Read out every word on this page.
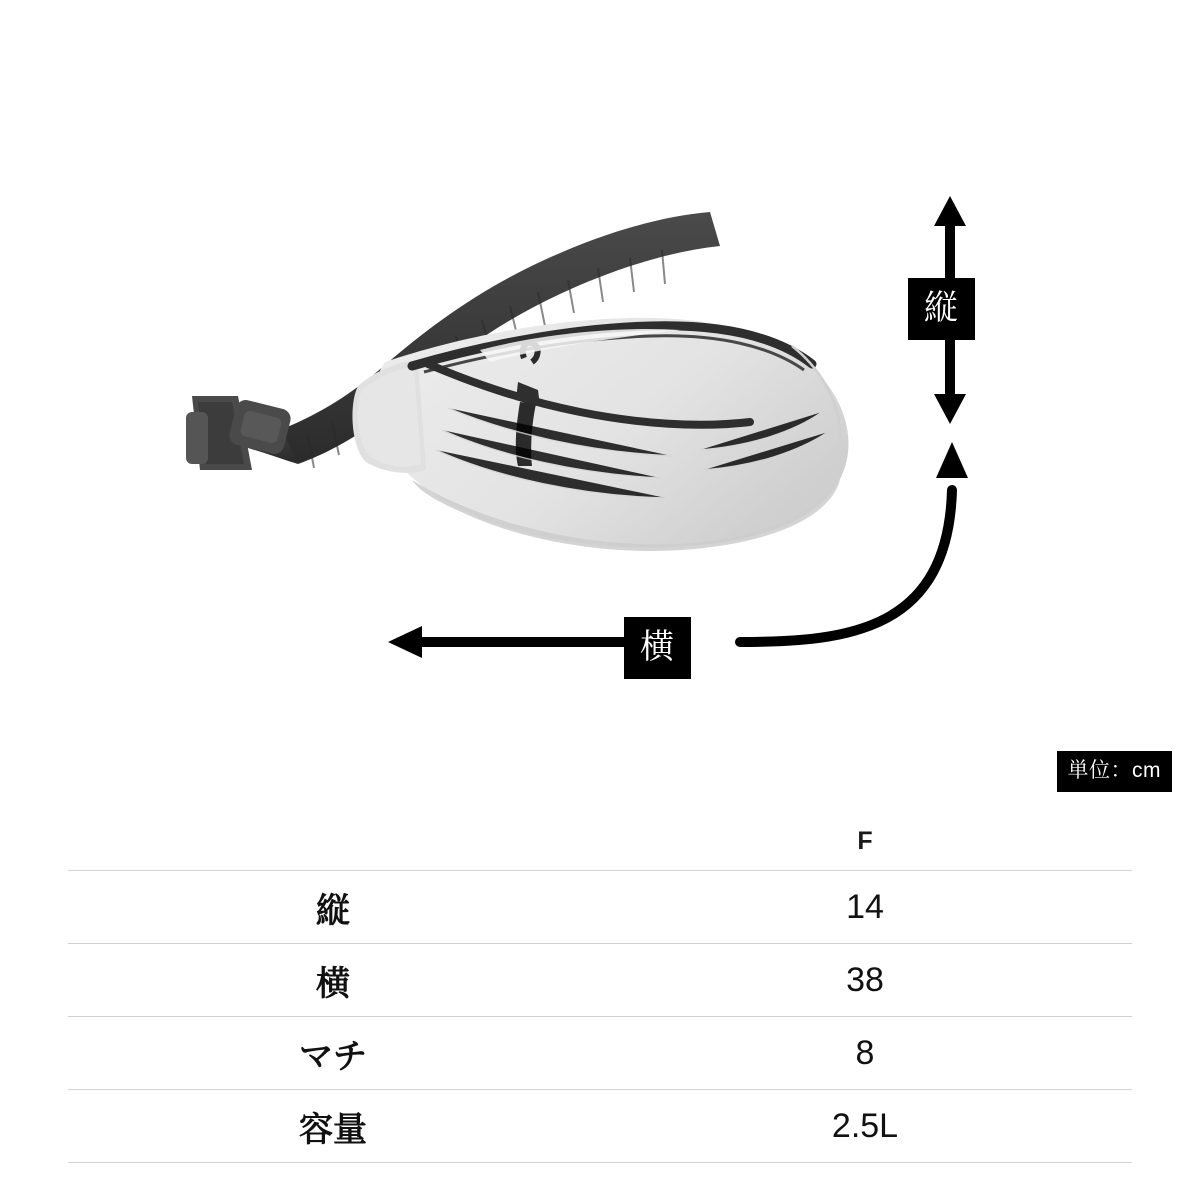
縦
横
単位：cm
	F
縦	14
横	38
マチ	8
容量	2.5L
